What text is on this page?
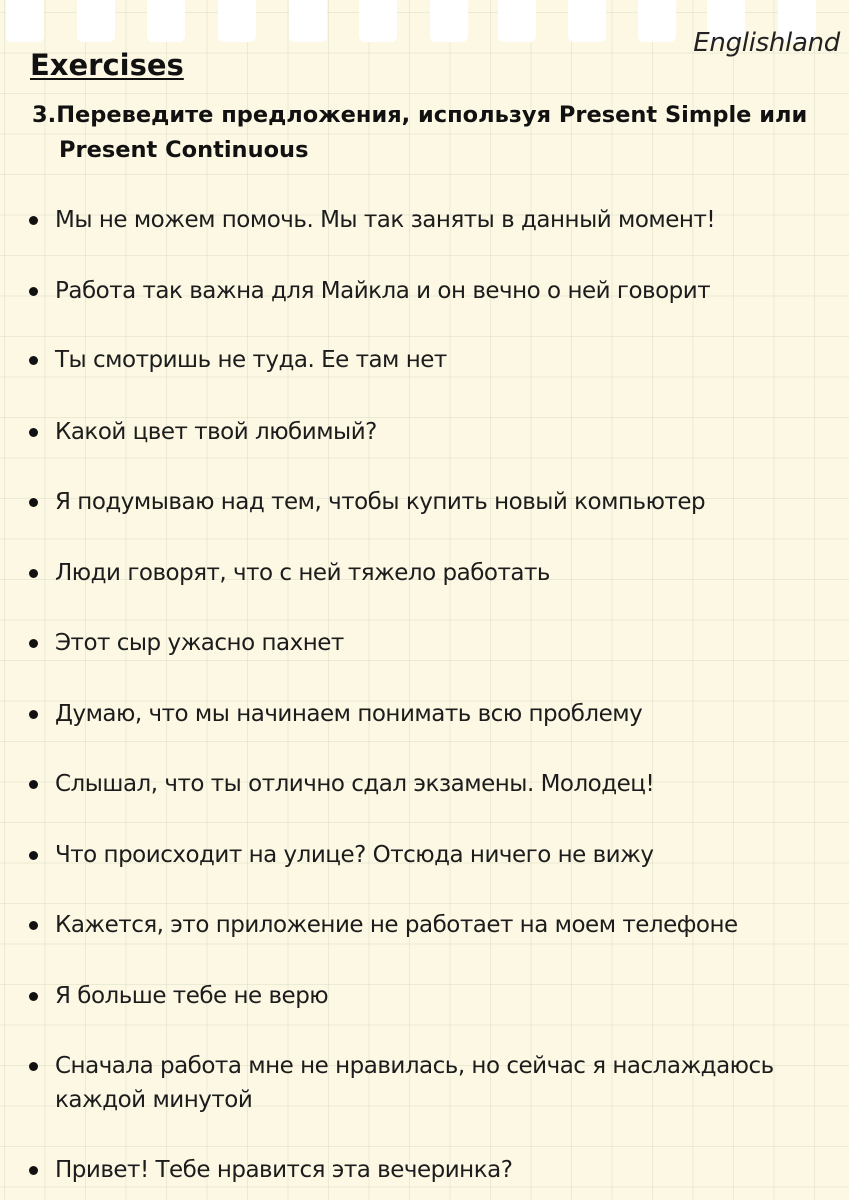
Englishland
Exercises
3.Переведите предложения, используя Present Simple или
Present Continuous
Мы не можем помочь. Мы так заняты в данный момент!
Работа так важна для Майкла и он вечно о ней говорит
Ты смотришь не туда. Ее там нет
Какой цвет твой любимый?
Я подумываю над тем, чтобы купить новый компьютер
Люди говорят, что с ней тяжело работать
Этот сыр ужасно пахнет
Думаю, что мы начинаем понимать всю проблему
Слышал, что ты отлично сдал экзамены. Молодец!
Что происходит на улице? Отсюда ничего не вижу
Кажется, это приложение не работает на моем телефоне
Я больше тебе не верю
Сначала работа мне не нравилась, но сейчас я наслаждаюсь каждой минутой
Привет! Тебе нравится эта вечеринка?
